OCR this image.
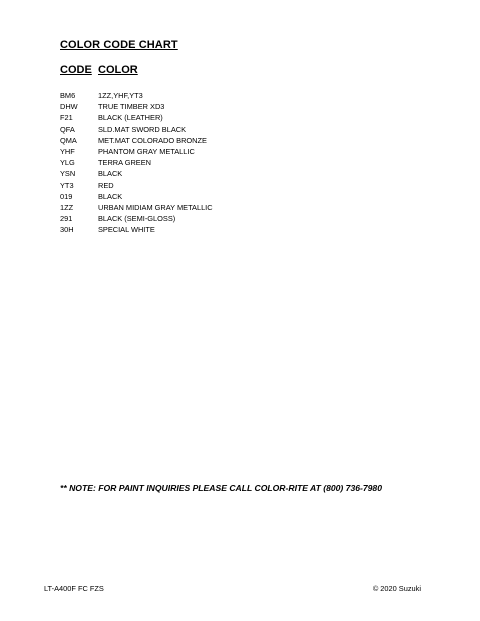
COLOR CODE CHART
CODE COLOR
BM6	1ZZ,YHF,YT3
DHW	TRUE TIMBER XD3
F21	BLACK (LEATHER)
QFA	SLD.MAT SWORD BLACK
QMA	MET.MAT COLORADO BRONZE
YHF	PHANTOM GRAY METALLIC
YLG	TERRA GREEN
YSN	BLACK
YT3	RED
019	BLACK
1ZZ	URBAN MIDIAM GRAY METALLIC
291	BLACK (SEMI-GLOSS)
30H	SPECIAL WHITE
** NOTE: FOR PAINT INQUIRIES PLEASE CALL COLOR-RITE AT (800) 736-7980
LT-A400F FC FZS	© 2020 Suzuki
